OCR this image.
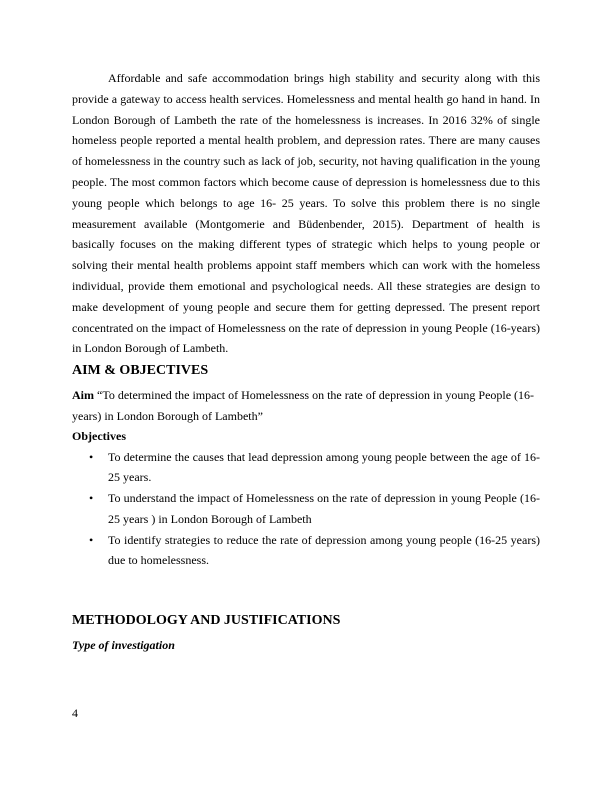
Affordable and safe accommodation brings high stability and security along with this provide a gateway to access health services. Homelessness and mental health go hand in hand. In London Borough of Lambeth the rate of the homelessness is increases. In 2016 32% of single homeless people reported a mental health problem, and depression rates. There are many causes of homelessness in the country such as lack of job, security, not having qualification in the young people. The most common factors which become cause of depression is homelessness due to this young people which belongs to age 16- 25 years. To solve this problem there is no single measurement available (Montgomerie and Büdenbender, 2015). Department of health is basically focuses on the making different types of strategic which helps to young people or solving their mental health problems appoint staff members which can work with the homeless individual, provide them emotional and psychological needs. All these strategies are design to make development of young people and secure them for getting depressed. The present report concentrated on the impact of Homelessness on the rate of depression in young People (16-years) in London Borough of Lambeth.

AIM & OBJECTIVES

Aim “To determined the impact of Homelessness on the rate of depression in young People (16-years) in London Borough of Lambeth”

Objectives

• To determine the causes that lead depression among young people between the age of 16-25 years.
• To understand the impact of Homelessness on the rate of depression in young People (16-25 years ) in London Borough of Lambeth
• To identify strategies to reduce the rate of depression among young people (16-25 years) due to homelessness.
METHODOLOGY AND JUSTIFICATIONS

Type of investigation

4
